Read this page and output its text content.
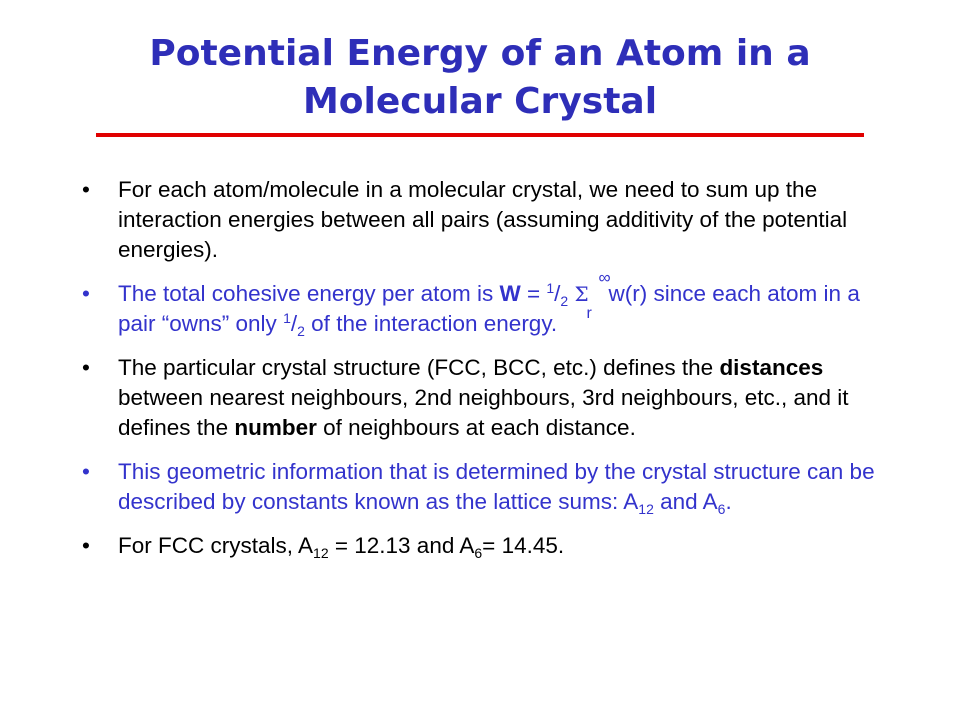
Potential Energy of an Atom in a Molecular Crystal
• For each atom/molecule in a molecular crystal, we need to sum up the interaction energies between all pairs (assuming additivity of the potential energies).
• The total cohesive energy per atom is $W = ^1/_2$ Σ
∞
r
w(r) since each atom in a pair “owns” only $^1/_2$ of the interaction energy.
• The particular crystal structure (FCC, BCC, etc.) defines the distances between nearest neighbours, 2nd neighbours, 3rd neighbours, etc., and it defines the number of neighbours at each distance.
• This geometric information that is determined by the crystal structure can be described by constants known as the lattice sums: $A_{12}$ and $A_6$.
• For FCC crystals, $A_{12} = 12.13$ and $A_6= 14.45$.
